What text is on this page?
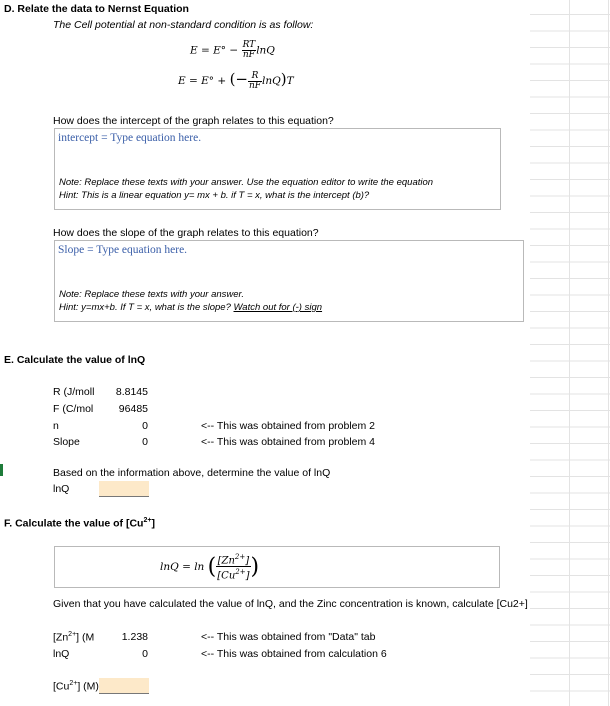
D. Relate the data to Nernst Equation
The Cell potential at non-standard condition is as follow:
$E = E^\circ - \frac{RT}{nF}$ lnQ
E = E° + (− $\frac{R}{nF} \ln Q)T$
How does the intercept of the graph relates to this equation?
intercept = Type equation here.
Note: Replace these texts with your answer. Use the equation editor to write the equation
Hint: This is a linear equation y= mx + b. if T = x, what is the intercept (b)?
How does the slope of the graph relates to this equation?
Slope = Type equation here.
Note: Replace these texts with your answer.
Hint: y=mx+b. If T = x, what is the slope? Watch out for (-) sign
E. Calculate the value of lnQ
R (J/moll	8.8145
F (C/mol	96485
n	0	<-- This was obtained from problem 2
Slope	0	<-- This was obtained from problem 4
Based on the information above, determine the value of lnQ
lnQ
F. Calculate the value of $[Cu^{2+}]$
lnQ = ln ( $\frac{[Zn^{2+}]}{[Cu^{2+}]}$ )
Given that you have calculated the value of lnQ, and the Zinc concentration is known, calculate [Cu2+]
$[Zn^{2+}]$ (M	1.238	<-- This was obtained from "Data" tab
lnQ	0	<-- This was obtained from calculation 6
$[Cu^{2+}]$ (M)
